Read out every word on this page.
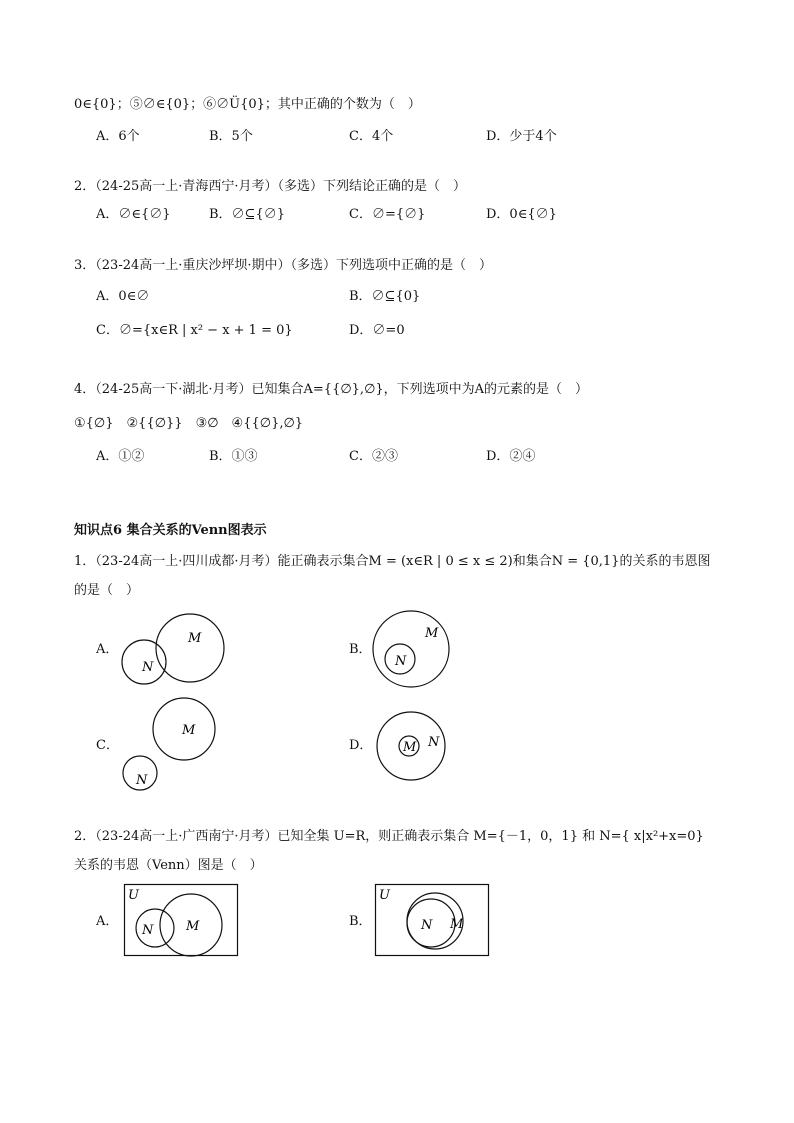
0∈{0}；⑤∅∈{0}；⑥∅Ü{0}；其中正确的个数为（　）
A．6个	B．5个	C．4个	D．少于4个
2．（24-25高一上·青海西宁·月考）（多选）下列结论正确的是（　）
A．∅∈{∅}	B．∅⊆{∅}	C．∅={∅}	D．0∈{∅}
3．（23-24高一上·重庆沙坪坝·期中）（多选）下列选项中正确的是（　）
A．0∈∅	B．∅⊆{0}
C．∅={x∈R | x² − x + 1 = 0}	D．∅=0
4．（24-25高一下·湖北·月考）已知集合A={{∅},∅}，下列选项中为A的元素的是（　）
①{∅}　②{{∅}}　③∅　④{{∅},∅}
A．①②	B．①③	C．②③	D．②④
知识点6 集合关系的Venn图表示
1．（23-24高一上·四川成都·月考）能正确表示集合M = (x∈R | 0 ≤ x ≤ 2)和集合N = {0,1}的关系的韦恩图
的是（　）
A．
M
N
B．
M
N
C．
M
N
D． M N
2．（23-24高一上·广西南宁·月考）已知全集 U=R，则正确表示集合 M={－1，0，1} 和 N={ x|x²+x=0}
关系的韦恩（Venn）图是（　）
A．
U
M
N
B．
U
M
N
